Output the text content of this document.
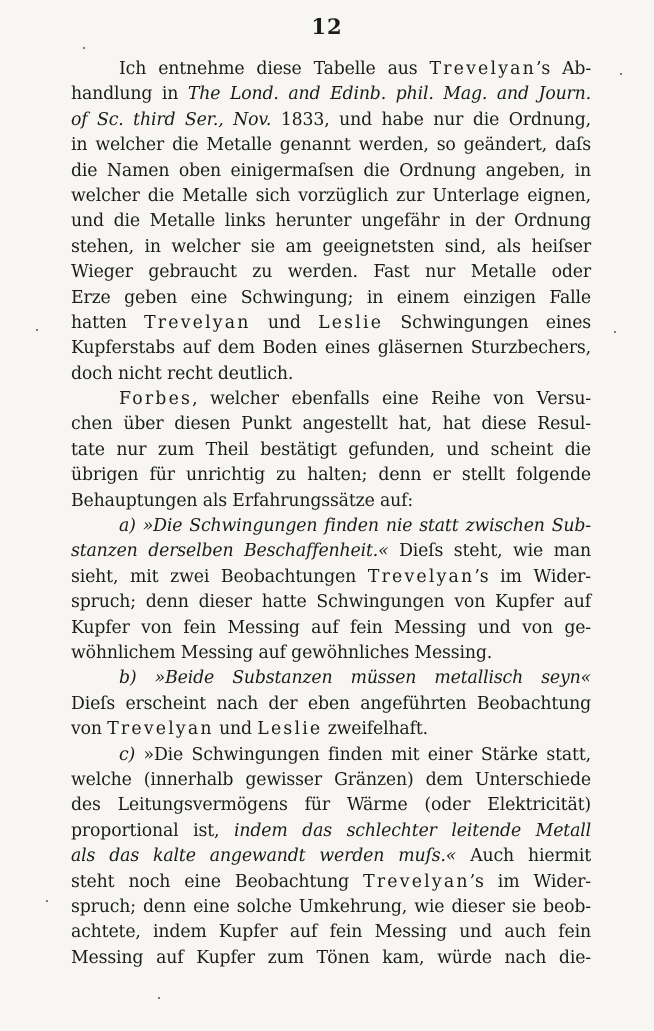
12
Ich entnehme diese Tabelle aus Trevelyan’s Ab-
handlung in The Lond. and Edinb. phil. Mag. and Journ.
of Sc. third Ser., Nov. 1833, und habe nur die Ordnung,
in welcher die Metalle genannt werden, so geändert, daſs
die Namen oben einigermaſsen die Ordnung angeben, in
welcher die Metalle sich vorzüglich zur Unterlage eignen,
und die Metalle links herunter ungefähr in der Ordnung
stehen, in welcher sie am geeignetsten sind, als heiſser
Wieger gebraucht zu werden. Fast nur Metalle oder
Erze geben eine Schwingung; in einem einzigen Falle
hatten Trevelyan und Leslie Schwingungen eines
Kupferstabs auf dem Boden eines gläsernen Sturzbechers,
doch nicht recht deutlich.
Forbes, welcher ebenfalls eine Reihe von Versu-
chen über diesen Punkt angestellt hat, hat diese Resul-
tate nur zum Theil bestätigt gefunden, und scheint die
übrigen für unrichtig zu halten; denn er stellt folgende
Behauptungen als Erfahrungssätze auf:
a) »Die Schwingungen finden nie statt zwischen Sub-
stanzen derselben Beschaffenheit.« Dieſs steht, wie man
sieht, mit zwei Beobachtungen Trevelyan’s im Wider-
spruch; denn dieser hatte Schwingungen von Kupfer auf
Kupfer von fein Messing auf fein Messing und von ge-
wöhnlichem Messing auf gewöhnliches Messing.
b) »Beide Substanzen müssen metallisch seyn«
Dieſs erscheint nach der eben angeführten Beobachtung
von Trevelyan und Leslie zweifelhaft.
c) »Die Schwingungen finden mit einer Stärke statt,
welche (innerhalb gewisser Gränzen) dem Unterschiede
des Leitungsvermögens für Wärme (oder Elektricität)
proportional ist, indem das schlechter leitende Metall
als das kalte angewandt werden muſs.« Auch hiermit
steht noch eine Beobachtung Trevelyan’s im Wider-
spruch; denn eine solche Umkehrung, wie dieser sie beob-
achtete, indem Kupfer auf fein Messing und auch fein
Messing auf Kupfer zum Tönen kam, würde nach die-
